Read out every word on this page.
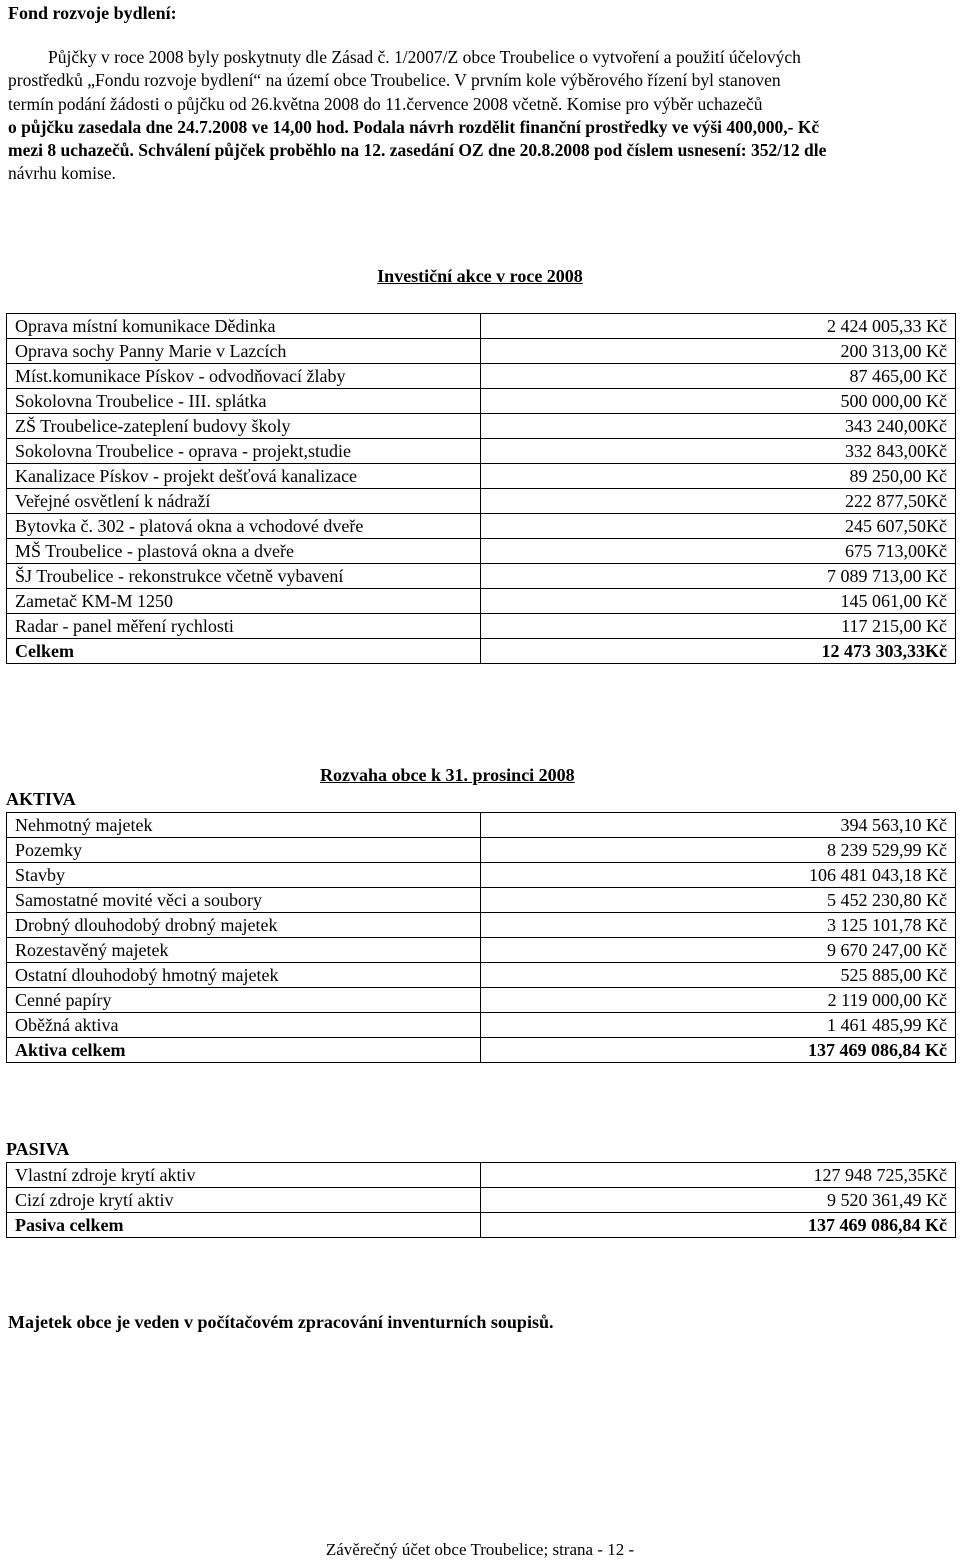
Fond rozvoje bydlení:
Půjčky v roce 2008 byly poskytnuty dle Zásad č. 1/2007/Z obce Troubelice o vytvoření a použití účelových
prostředků „Fondu rozvoje bydlení“ na území obce Troubelice. V prvním kole výběrového řízení byl stanoven
termín podání žádosti o půjčku od 26.května 2008 do 11.července 2008 včetně. Komise pro výběr uchazečů
o půjčku zasedala dne 24.7.2008 ve 14,00 hod. Podala návrh rozdělit finanční prostředky ve výši 400,000,- Kč
mezi 8 uchazečů. Schválení půjček proběhlo na 12. zasedání OZ dne 20.8.2008 pod číslem usnesení: 352/12 dle
návrhu komise.
Investiční akce v roce 2008
Oprava místní komunikace Dědinka	2 424 005,33 Kč
Oprava sochy Panny Marie v Lazcích	200 313,00 Kč
Míst.komunikace Pískov - odvodňovací žlaby	87 465,00 Kč
Sokolovna Troubelice - III. splátka	500 000,00 Kč
ZŠ Troubelice-zateplení budovy školy	343 240,00Kč
Sokolovna Troubelice - oprava - projekt,studie	332 843,00Kč
Kanalizace Pískov - projekt dešťová kanalizace	89 250,00 Kč
Veřejné osvětlení k nádraží	222 877,50Kč
Bytovka č. 302 - platová okna a vchodové dveře	245 607,50Kč
MŠ Troubelice - plastová okna a dveře	675 713,00Kč
ŠJ Troubelice - rekonstrukce včetně vybavení	7 089 713,00 Kč
Zametač KM-M 1250	145 061,00 Kč
Radar - panel měření rychlosti	117 215,00 Kč
Celkem	12 473 303,33Kč
Rozvaha obce k 31. prosinci 2008
AKTIVA
Nehmotný majetek	394 563,10 Kč
Pozemky	8 239 529,99 Kč
Stavby	106 481 043,18 Kč
Samostatné movité věci a soubory	5 452 230,80 Kč
Drobný dlouhodobý drobný majetek	3 125 101,78 Kč
Rozestavěný majetek	9 670 247,00 Kč
Ostatní dlouhodobý hmotný majetek	525 885,00 Kč
Cenné papíry	2 119 000,00 Kč
Oběžná aktiva	1 461 485,99 Kč
Aktiva celkem	137 469 086,84 Kč
PASIVA
Vlastní zdroje krytí aktiv	127 948 725,35Kč
Cizí zdroje krytí aktiv	9 520 361,49 Kč
Pasiva celkem	137 469 086,84 Kč
Majetek obce je veden v počítačovém zpracování inventurních soupisů.
Závěrečný účet obce Troubelice; strana - 12 -
